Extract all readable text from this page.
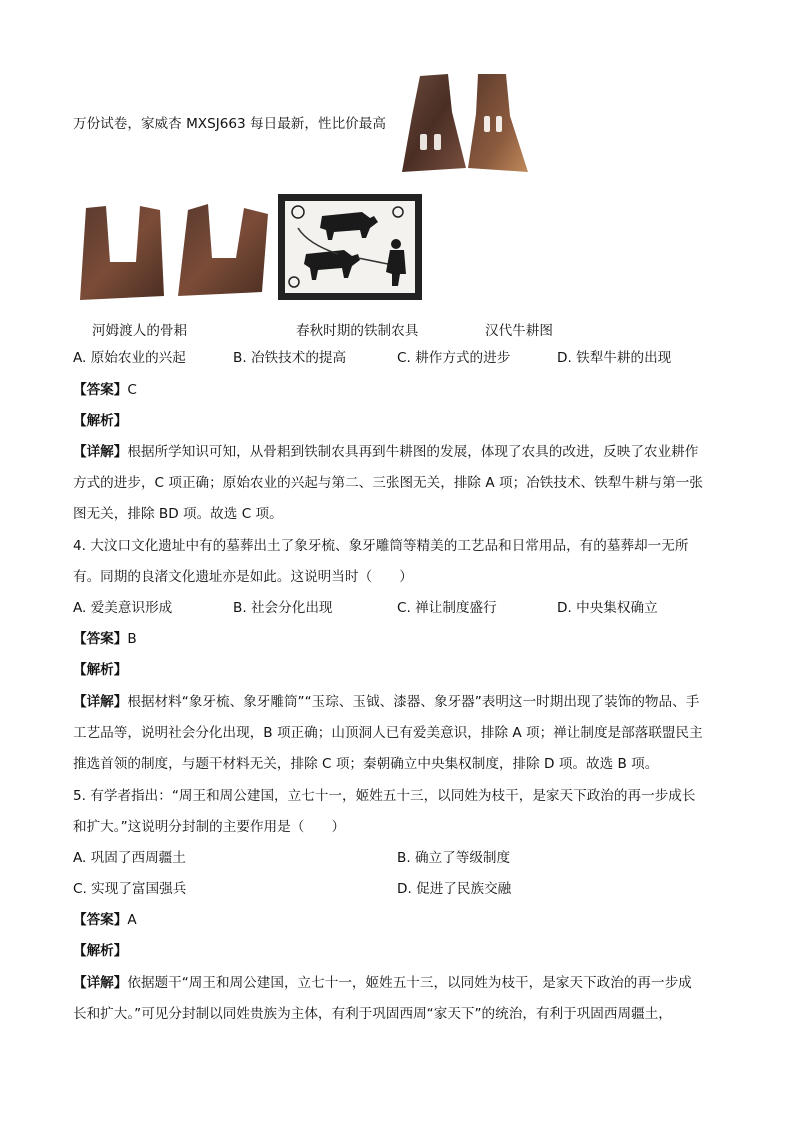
万份试卷，家威杏 MXSJ663 每日最新，性比价最高
河姆渡人的骨耜	春秋时期的铁制农具	汉代牛耕图
A. 原始农业的兴起	B. 冶铁技术的提高	C. 耕作方式的进步	D. 铁犁牛耕的出现
【答案】C
【解析】
【详解】根据所学知识可知，从骨耜到铁制农具再到牛耕图的发展，体现了农具的改进，反映了农业耕作
方式的进步，C 项正确；原始农业的兴起与第二、三张图无关，排除 A 项；冶铁技术、铁犁牛耕与第一张
图无关，排除 BD 项。故选 C 项。
4. 大汶口文化遗址中有的墓葬出土了象牙梳、象牙雕筒等精美的工艺品和日常用品，有的墓葬却一无所
有。同期的良渚文化遗址亦是如此。这说明当时（　　）
A. 爱美意识形成	B. 社会分化出现	C. 禅让制度盛行	D. 中央集权确立
【答案】B
【解析】
【详解】根据材料“象牙梳、象牙雕筒”“玉琮、玉钺、漆器、象牙器”表明这一时期出现了装饰的物品、手
工艺品等，说明社会分化出现，B 项正确；山顶洞人已有爱美意识，排除 A 项；禅让制度是部落联盟民主
推选首领的制度，与题干材料无关，排除 C 项；秦朝确立中央集权制度，排除 D 项。故选 B 项。
5. 有学者指出：“周王和周公建国，立七十一，姬姓五十三，以同姓为枝干，是家天下政治的再一步成长
和扩大。”这说明分封制的主要作用是（　　）
A. 巩固了西周疆土	B. 确立了等级制度
C. 实现了富国强兵	D. 促进了民族交融
【答案】A
【解析】
【详解】依据题干“周王和周公建国，立七十一，姬姓五十三，以同姓为枝干，是家天下政治的再一步成
长和扩大。”可见分封制以同姓贵族为主体，有利于巩固西周“家天下”的统治，有利于巩固西周疆土，
